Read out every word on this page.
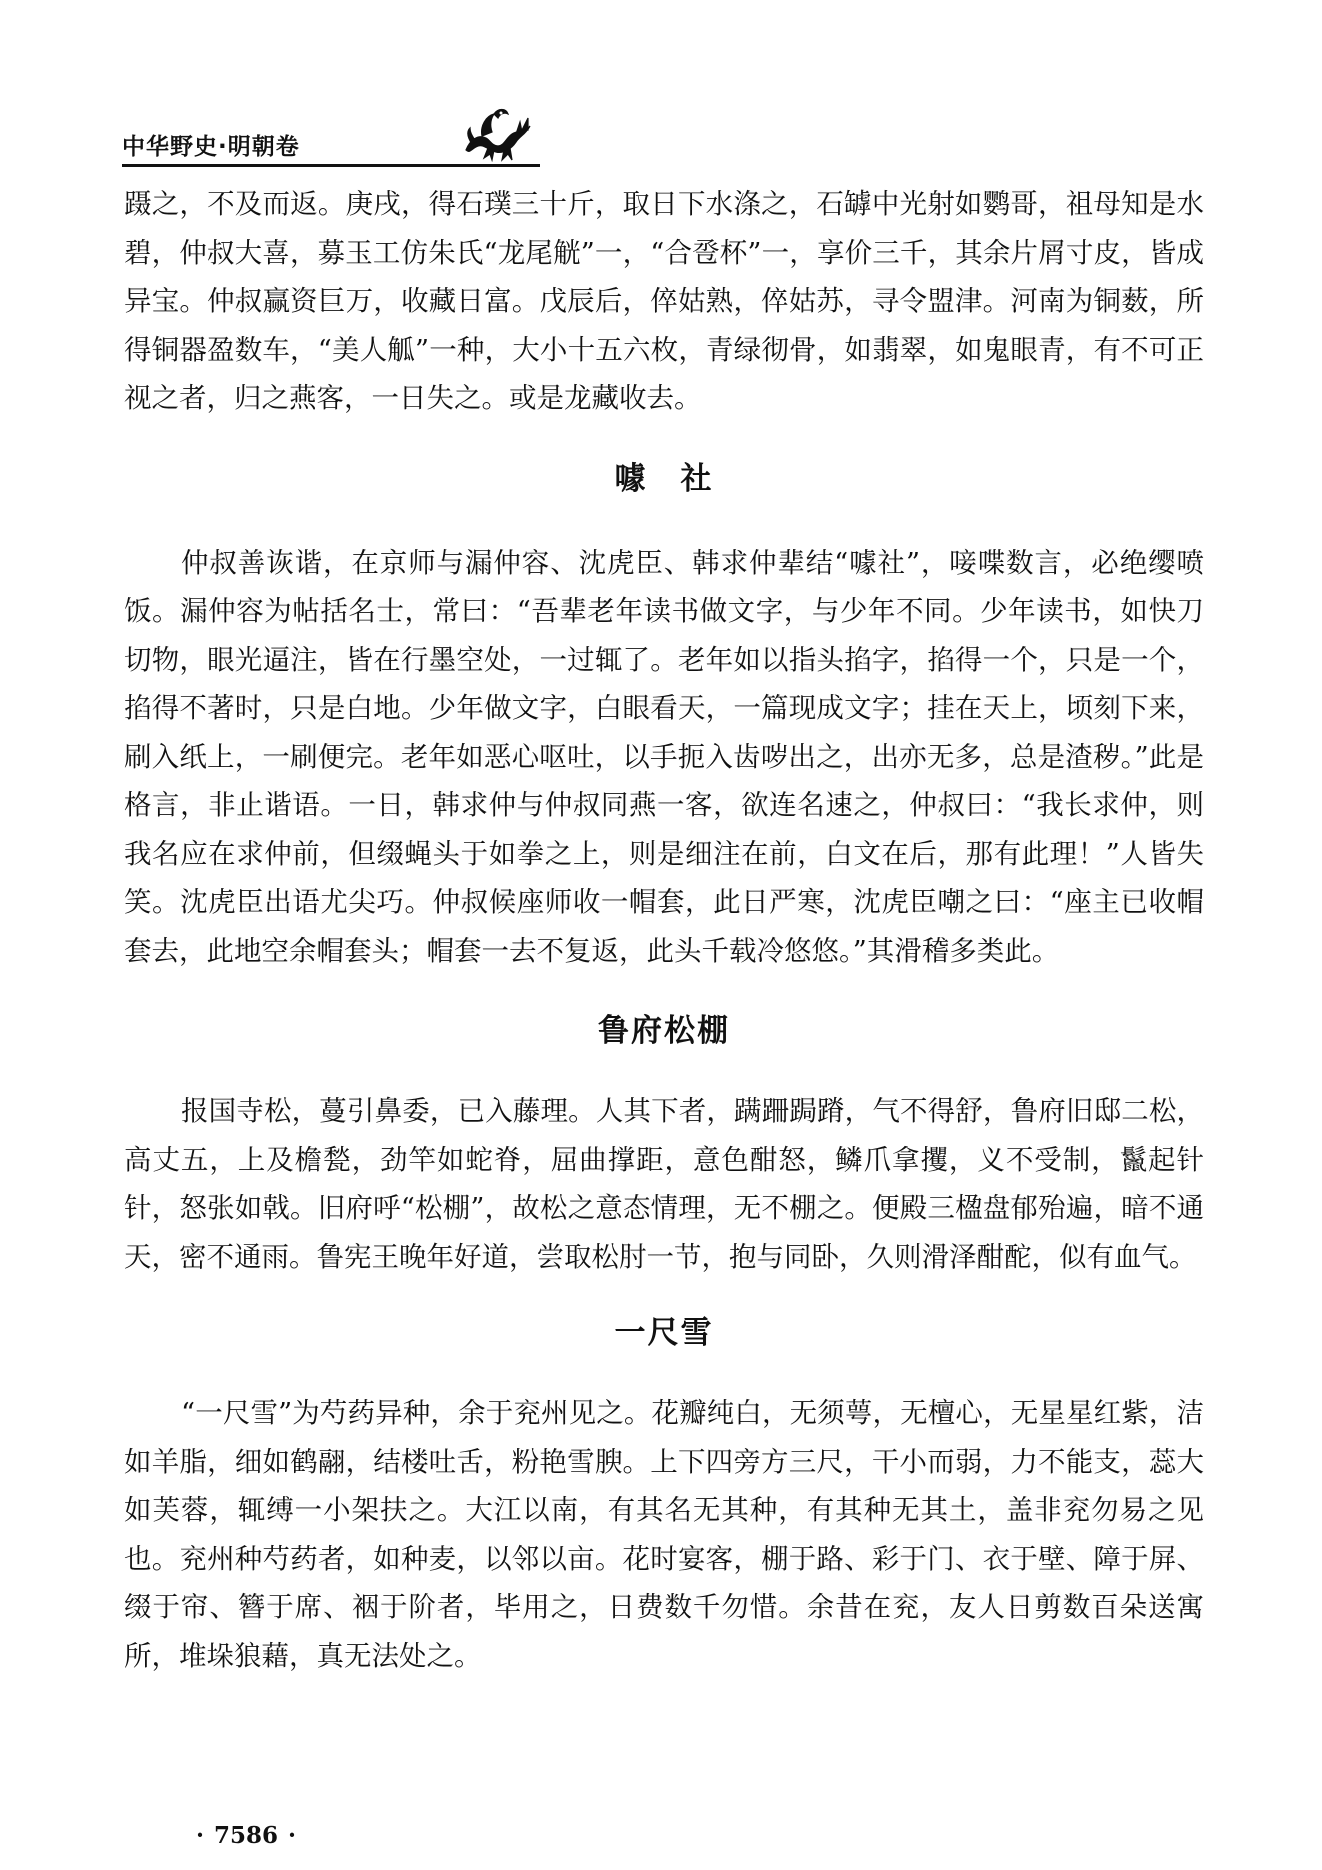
中华野史·明朝卷

蹑之，不及而返。庚戌，得石璞三十斤，取日下水涤之，石罅中光射如鹦哥，祖母知是水碧，仲叔大喜，募玉工仿朱氏“龙尾觥”一，“合卺杯”一，享价三千，其余片屑寸皮，皆成异宝。仲叔赢资巨万，收藏日富。戊辰后，倅姑熟，倅姑苏，寻令盟津。河南为铜薮，所得铜器盈数车，“美人觚”一种，大小十五六枚，青绿彻骨，如翡翠，如鬼眼青，有不可正视之者，归之燕客，一日失之。或是龙藏收去。

噱　社

仲叔善诙谐，在京师与漏仲容、沈虎臣、韩求仲辈结“噱社”，唼喋数言，必绝缨喷饭。漏仲容为帖括名士，常曰：“吾辈老年读书做文字，与少年不同。少年读书，如快刀切物，眼光逼注，皆在行墨空处，一过辄了。老年如以指头掐字，掐得一个，只是一个，掐得不著时，只是白地。少年做文字，白眼看天，一篇现成文字；挂在天上，顷刻下来，刷入纸上，一刷便完。老年如恶心呕吐，以手扼入齿哕出之，出亦无多，总是渣秽。”此是格言，非止谐语。一日，韩求仲与仲叔同燕一客，欲连名速之，仲叔曰：“我长求仲，则我名应在求仲前，但缀蝇头于如拳之上，则是细注在前，白文在后，那有此理！”人皆失笑。沈虎臣出语尤尖巧。仲叔候座师收一帽套，此日严寒，沈虎臣嘲之曰：“座主已收帽套去，此地空余帽套头；帽套一去不复返，此头千载冷悠悠。”其滑稽多类此。

鲁府松棚

报国寺松，蔓引鼻委，已入藤理。人其下者，蹒跚跼蹐，气不得舒，鲁府旧邸二松，高丈五，上及檐甃，劲竿如蛇脊，屈曲撑距，意色酣怒，鳞爪拿攫，义不受制，鬣起针针，怒张如戟。旧府呼“松棚”，故松之意态情理，无不棚之。便殿三楹盘郁殆遍，暗不通天，密不通雨。鲁宪王晚年好道，尝取松肘一节，抱与同卧，久则滑泽酣酡，似有血气。

一尺雪

“一尺雪”为芍药异种，余于兖州见之。花瓣纯白，无须萼，无檀心，无星星红紫，洁如羊脂，细如鹤翮，结楼吐舌，粉艳雪腴。上下四旁方三尺，干小而弱，力不能支，蕊大如芙蓉，辄缚一小架扶之。大江以南，有其名无其种，有其种无其土，盖非兖勿易之见也。兖州种芍药者，如种麦，以邻以亩。花时宴客，棚于路、彩于门、衣于壁、障于屏、缀于帘、簪于席、裀于阶者，毕用之，日费数千勿惜。余昔在兖，友人日剪数百朵送寓所，堆垛狼藉，真无法处之。

· 7586 ·
